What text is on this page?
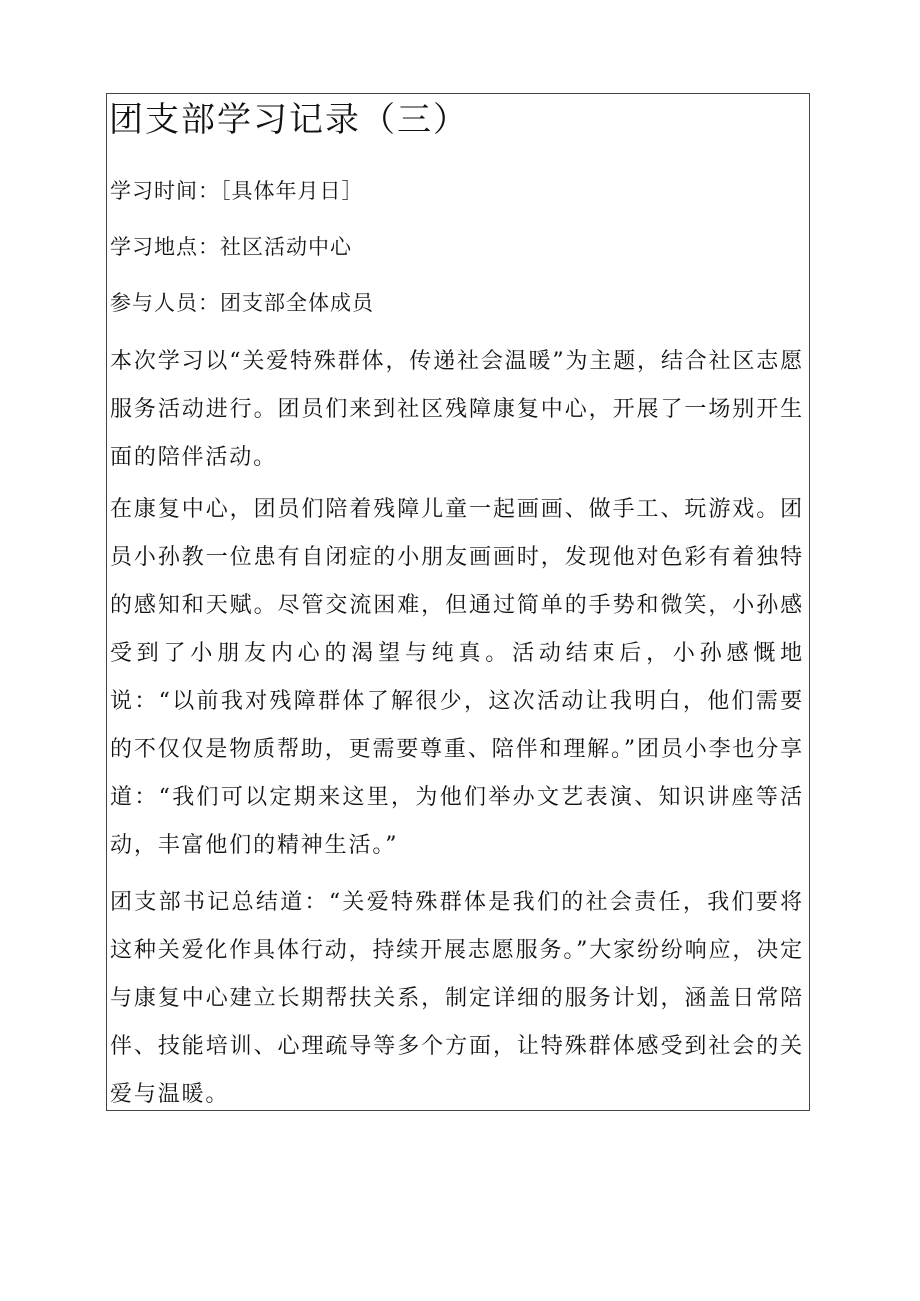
团支部学习记录（三）

学习时间：［具体年月日］

学习地点：社区活动中心

参与人员：团支部全体成员

本次学习以“关爱特殊群体，传递社会温暖”为主题，结合社区志愿服务活动进行。团员们来到社区残障康复中心，开展了一场别开生面的陪伴活动。

在康复中心，团员们陪着残障儿童一起画画、做手工、玩游戏。团员小孙教一位患有自闭症的小朋友画画时，发现他对色彩有着独特的感知和天赋。尽管交流困难，但通过简单的手势和微笑，小孙感受到了小朋友内心的渴望与纯真。活动结束后，小孙感慨地说：“以前我对残障群体了解很少，这次活动让我明白，他们需要的不仅仅是物质帮助，更需要尊重、陪伴和理解。”团员小李也分享道：“我们可以定期来这里，为他们举办文艺表演、知识讲座等活动，丰富他们的精神生活。”

团支部书记总结道：“关爱特殊群体是我们的社会责任，我们要将这种关爱化作具体行动，持续开展志愿服务。”大家纷纷响应，决定与康复中心建立长期帮扶关系，制定详细的服务计划，涵盖日常陪伴、技能培训、心理疏导等多个方面，让特殊群体感受到社会的关爱与温暖。
